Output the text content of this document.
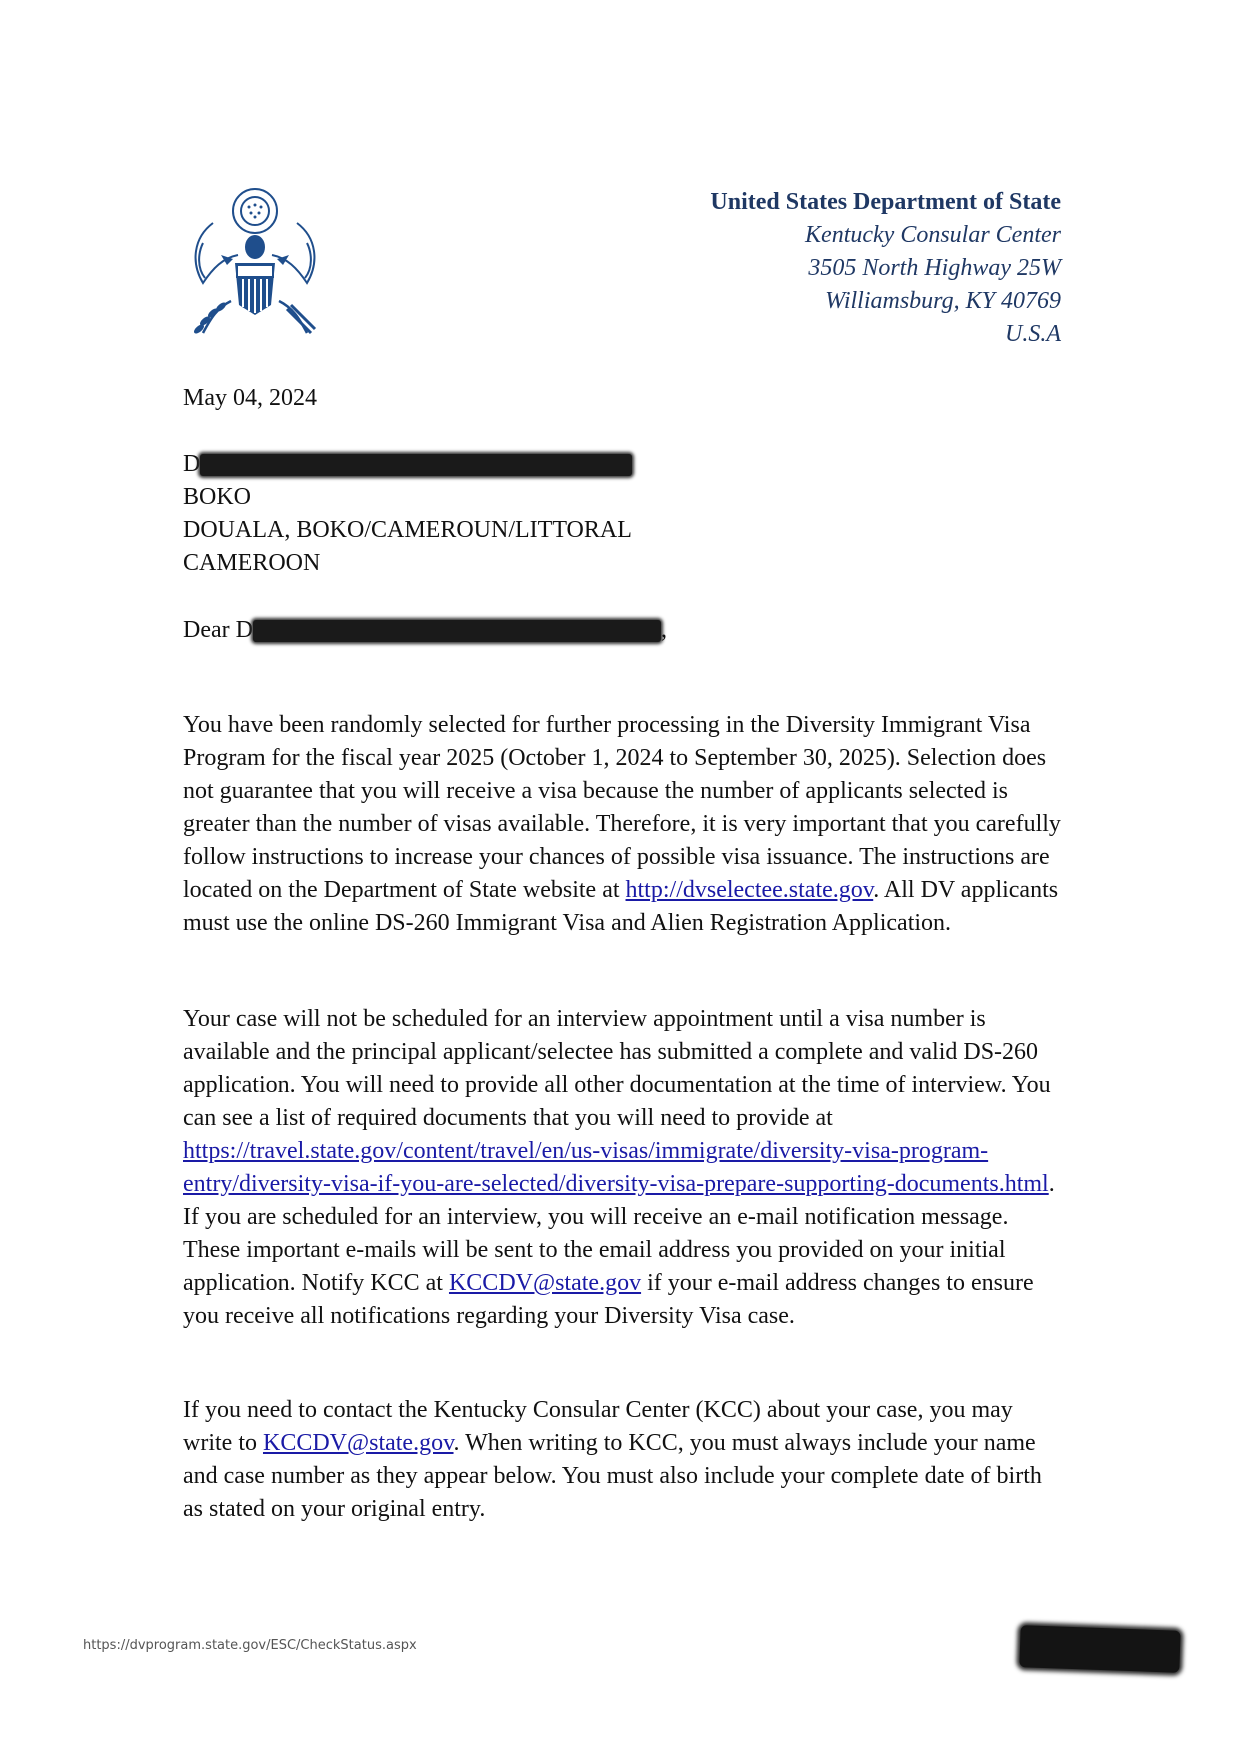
United States Department of State
Kentucky Consular Center
3505 North Highway 25W
Williamsburg, KY 40769
U.S.A
May 04, 2024
D
BOKO
DOUALA, BOKO/CAMEROUN/LITTORAL
CAMEROON
Dear D	,
You have been randomly selected for further processing in the Diversity Immigrant Visa Program for the fiscal year 2025 (October 1, 2024 to September 30, 2025). Selection does not guarantee that you will receive a visa because the number of applicants selected is greater than the number of visas available. Therefore, it is very important that you carefully follow instructions to increase your chances of possible visa issuance. The instructions are located on the Department of State website at http://dvselectee.state.gov. All DV applicants must use the online DS-260 Immigrant Visa and Alien Registration Application.
Your case will not be scheduled for an interview appointment until a visa number is available and the principal applicant/selectee has submitted a complete and valid DS-260 application. You will need to provide all other documentation at the time of interview. You can see a list of required documents that you will need to provide at https://travel.state.gov/content/travel/en/us-visas/immigrate/diversity-visa-program-entry/diversity-visa-if-you-are-selected/diversity-visa-prepare-supporting-documents.html. If you are scheduled for an interview, you will receive an e-mail notification message. These important e-mails will be sent to the email address you provided on your initial application. Notify KCC at KCCDV@state.gov if your e-mail address changes to ensure you receive all notifications regarding your Diversity Visa case.
If you need to contact the Kentucky Consular Center (KCC) about your case, you may write to KCCDV@state.gov. When writing to KCC, you must always include your name and case number as they appear below. You must also include your complete date of birth as stated on your original entry.
https://dvprogram.state.gov/ESC/CheckStatus.aspx
